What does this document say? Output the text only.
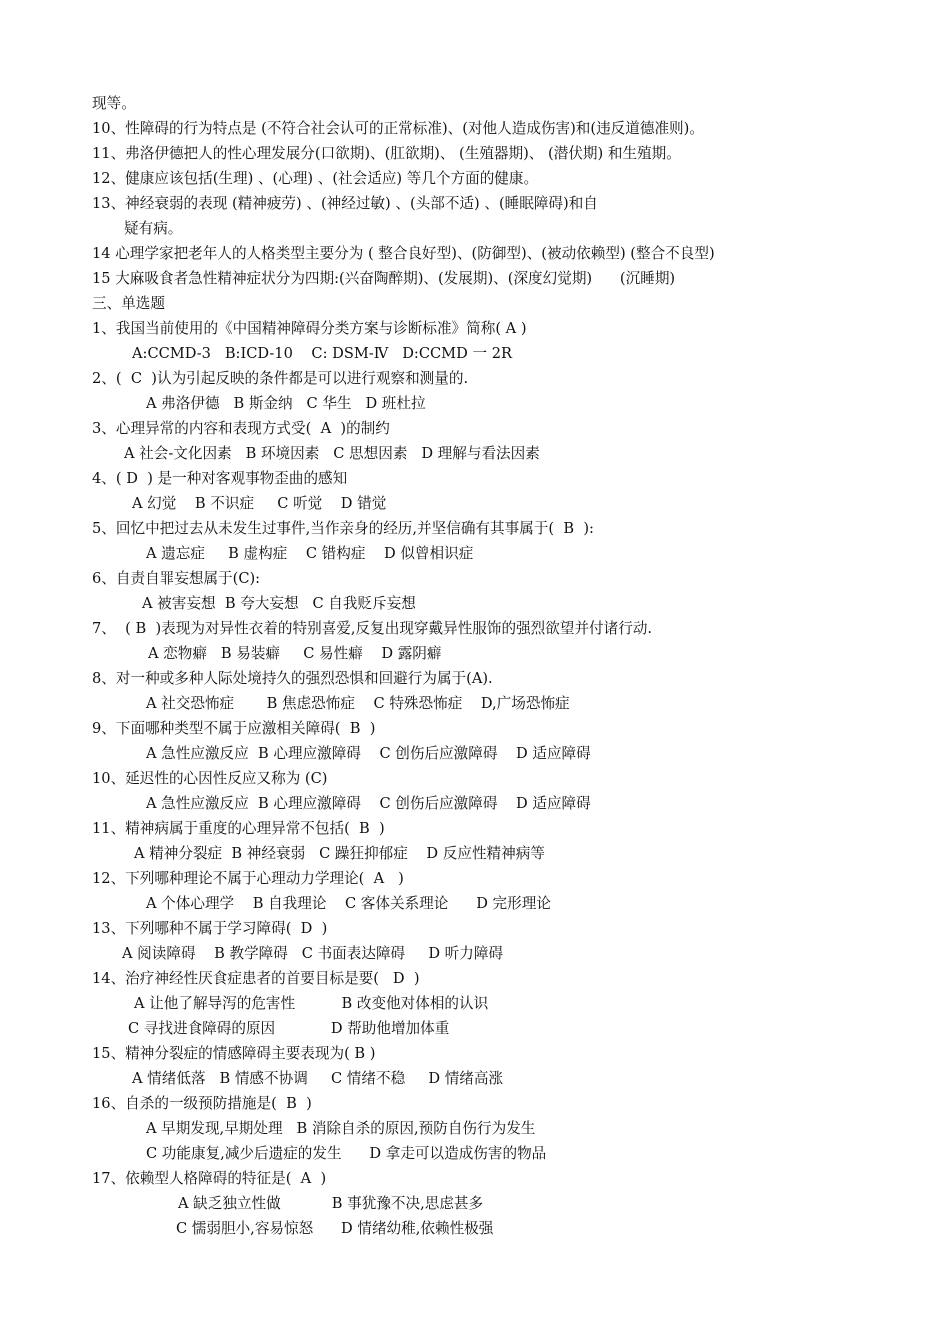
现等。
10、性障碍的行为特点是 (不符合社会认可的正常标准)、(对他人造成伤害)和(违反道德准则)。
11、弗洛伊德把人的性心理发展分(口欲期)、(肛欲期)、 (生殖器期)、 (潜伏期) 和生殖期。
12、健康应该包括(生理) 、(心理) 、(社会适应) 等几个方面的健康。
13、神经衰弱的表现 (精神疲劳) 、(神经过敏) 、(头部不适) 、(睡眠障碍)和自
疑有病。
14 心理学家把老年人的人格类型主要分为 ( 整合良好型)、(防御型)、(被动依赖型) (整合不良型)
15 大麻吸食者急性精神症状分为四期:(兴奋陶醉期)、(发展期)、(深度幻觉期)      (沉睡期)
三、单选题
1、我国当前使用的《中国精神障碍分类方案与诊断标准》简称( A )
A:CCMD-3   B:ICD-10    C: DSM-Ⅳ   D:CCMD 一 2R
2、(  C  )认为引起反映的条件都是可以进行观察和测量的.
A 弗洛伊德   B 斯金纳   C 华生   D 班杜拉
3、心理异常的内容和表现方式受(  A  )的制约
A 社会-文化因素   B 环境因素   C 思想因素   D 理解与看法因素
4、( D  ) 是一种对客观事物歪曲的感知
A 幻觉    B 不识症     C 听觉    D 错觉
5、回忆中把过去从未发生过事件,当作亲身的经历,并坚信确有其事属于(  B  ):
A 遗忘症     B 虚构症    C 错构症    D 似曾相识症
6、自责自罪妄想属于(C):
A 被害妄想  B 夸大妄想   C 自我贬斥妄想
7、  ( B  )表现为对异性衣着的特别喜爱,反复出现穿戴异性服饰的强烈欲望并付诸行动.
A 恋物癖   B 易装癖     C 易性癖    D 露阴癖
8、对一种或多种人际处境持久的强烈恐惧和回避行为属于(A).
A 社交恐怖症       B 焦虑恐怖症    C 特殊恐怖症    D,广场恐怖症
9、下面哪种类型不属于应激相关障碍(  B  )
A 急性应激反应  B 心理应激障碍    C 创伤后应激障碍    D 适应障碍
10、延迟性的心因性反应又称为 (C)
A 急性应激反应  B 心理应激障碍    C 创伤后应激障碍    D 适应障碍
11、精神病属于重度的心理异常不包括(  B  )
A 精神分裂症  B 神经衰弱   C 躁狂抑郁症    D 反应性精神病等
12、下列哪种理论不属于心理动力学理论(  A   )
A 个体心理学    B 自我理论    C 客体关系理论      D 完形理论
13、下列哪种不属于学习障碍(  D  )
A 阅读障碍    B 教学障碍   C 书面表达障碍     D 听力障碍
14、治疗神经性厌食症患者的首要目标是要(   D  )
A 让他了解导泻的危害性          B 改变他对体相的认识
C 寻找进食障碍的原因            D 帮助他增加体重
15、精神分裂症的情感障碍主要表现为( B )
A 情绪低落   B 情感不协调     C 情绪不稳     D 情绪高涨
16、自杀的一级预防措施是(  B  )
A 早期发现,早期处理   B 消除自杀的原因,预防自伤行为发生
C 功能康复,减少后遗症的发生      D 拿走可以造成伤害的物品
17、依赖型人格障碍的特征是(  A  )
A 缺乏独立性做           B 事犹豫不决,思虑甚多
C 懦弱胆小,容易惊怒      D 情绪幼稚,依赖性极强
